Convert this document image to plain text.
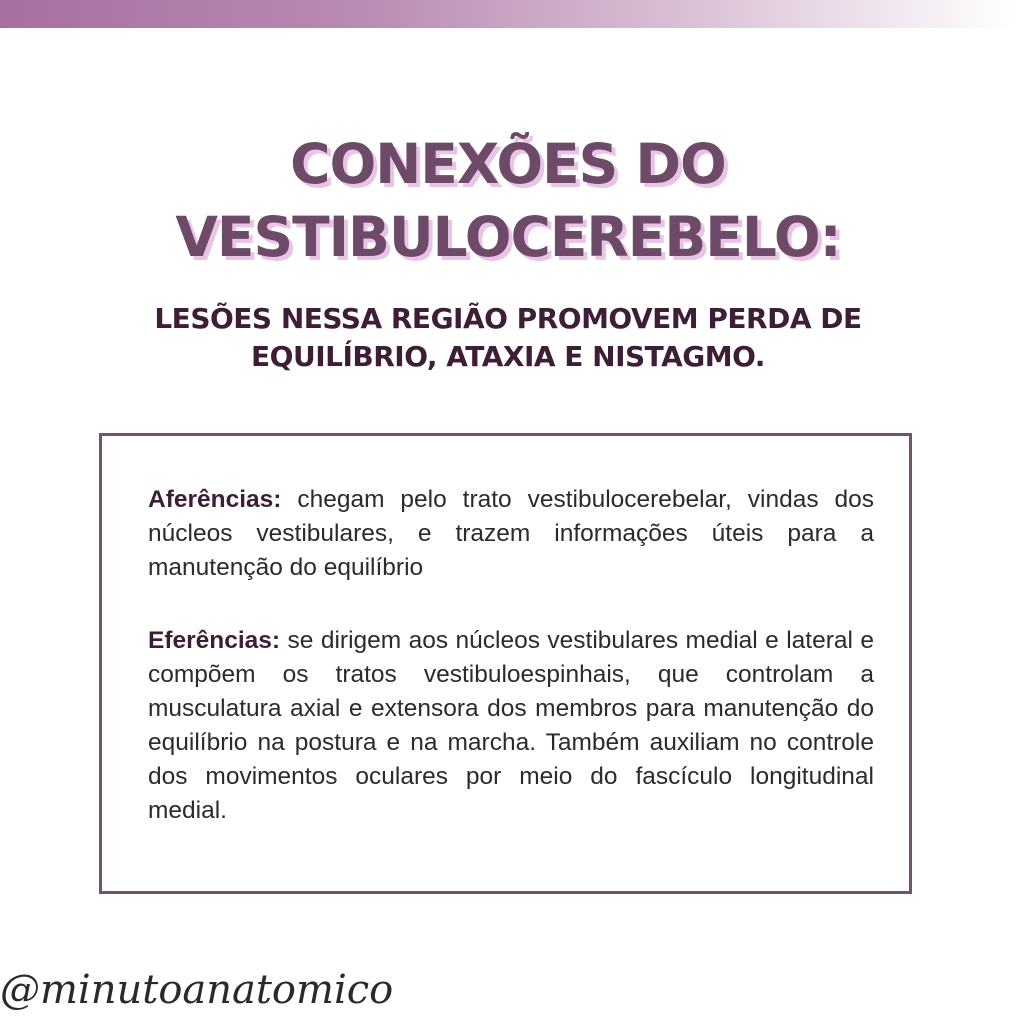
CONEXÕES DO
VESTIBULOCEREBELO:
LESÕES NESSA REGIÃO PROMOVEM PERDA DE
EQUILÍBRIO, ATAXIA E NISTAGMO.

Aferências: chegam pelo trato vestibulocerebelar, vindas dos núcleos vestibulares, e trazem informações úteis para a manutenção do equilíbrio

Eferências: se dirigem aos núcleos vestibulares medial e lateral e compõem os tratos vestibuloespinhais, que controlam a musculatura axial e extensora dos membros para manutenção do equilíbrio na postura e na marcha. Também auxiliam no controle dos movimentos oculares por meio do fascículo longitudinal medial.

@minutoanatomico
